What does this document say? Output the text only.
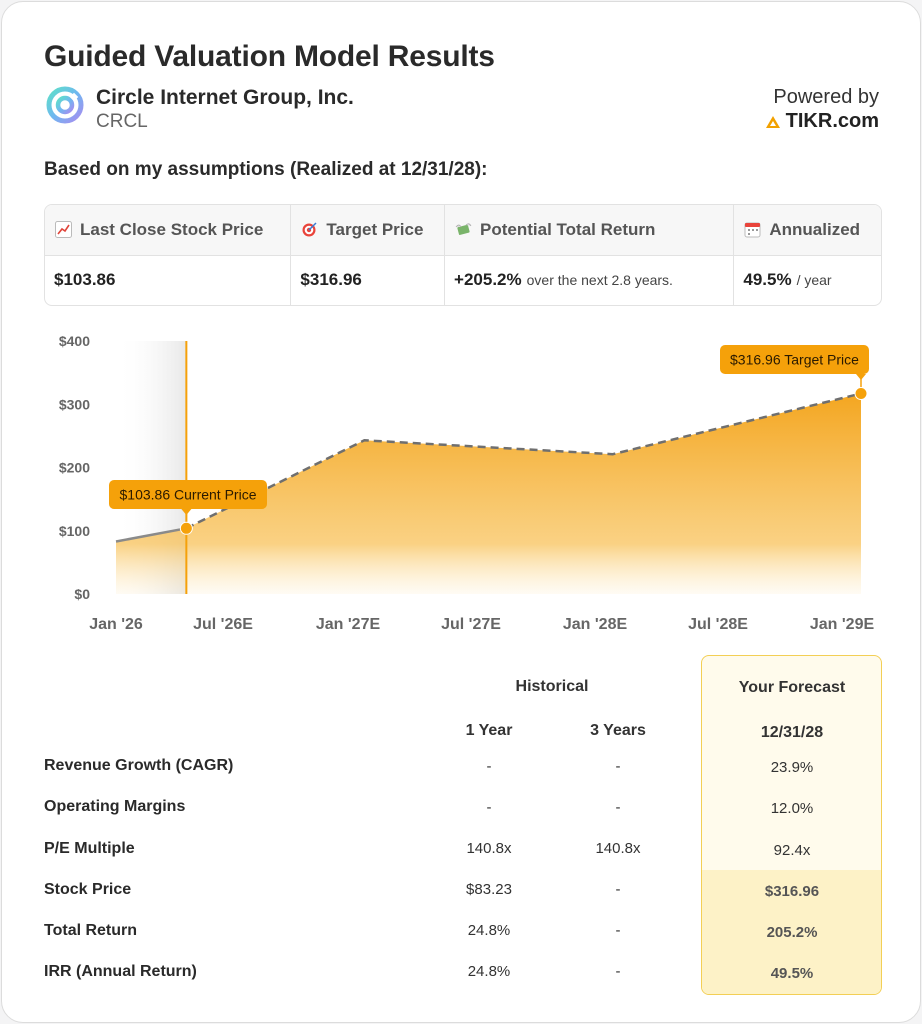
Guided Valuation Model Results
Circle Internet Group, Inc.
CRCL
Powered by
TIKR.com
Based on my assumptions (Realized at 12/31/28):
Last Close Stock Price
$103.86
Target Price
$316.96
Potential Total Return
+205.2% over the next 2.8 years.
Annualized
49.5% / year
$400
$300
$200
$100
$0
Jan '26	Jul '26E	Jan '27E	Jul '27E	Jan '28E	Jul '28E	Jan '29E
$103.86 Current Price
$316.96 Target Price
Historical	Your Forecast
1 Year	3 Years	12/31/28
Revenue Growth (CAGR)	-	-	23.9%
Operating Margins	-	-	12.0%
P/E Multiple	140.8x	140.8x	92.4x
Stock Price	$83.23	-	$316.96
Total Return	24.8%	-	205.2%
IRR (Annual Return)	24.8%	-	49.5%
